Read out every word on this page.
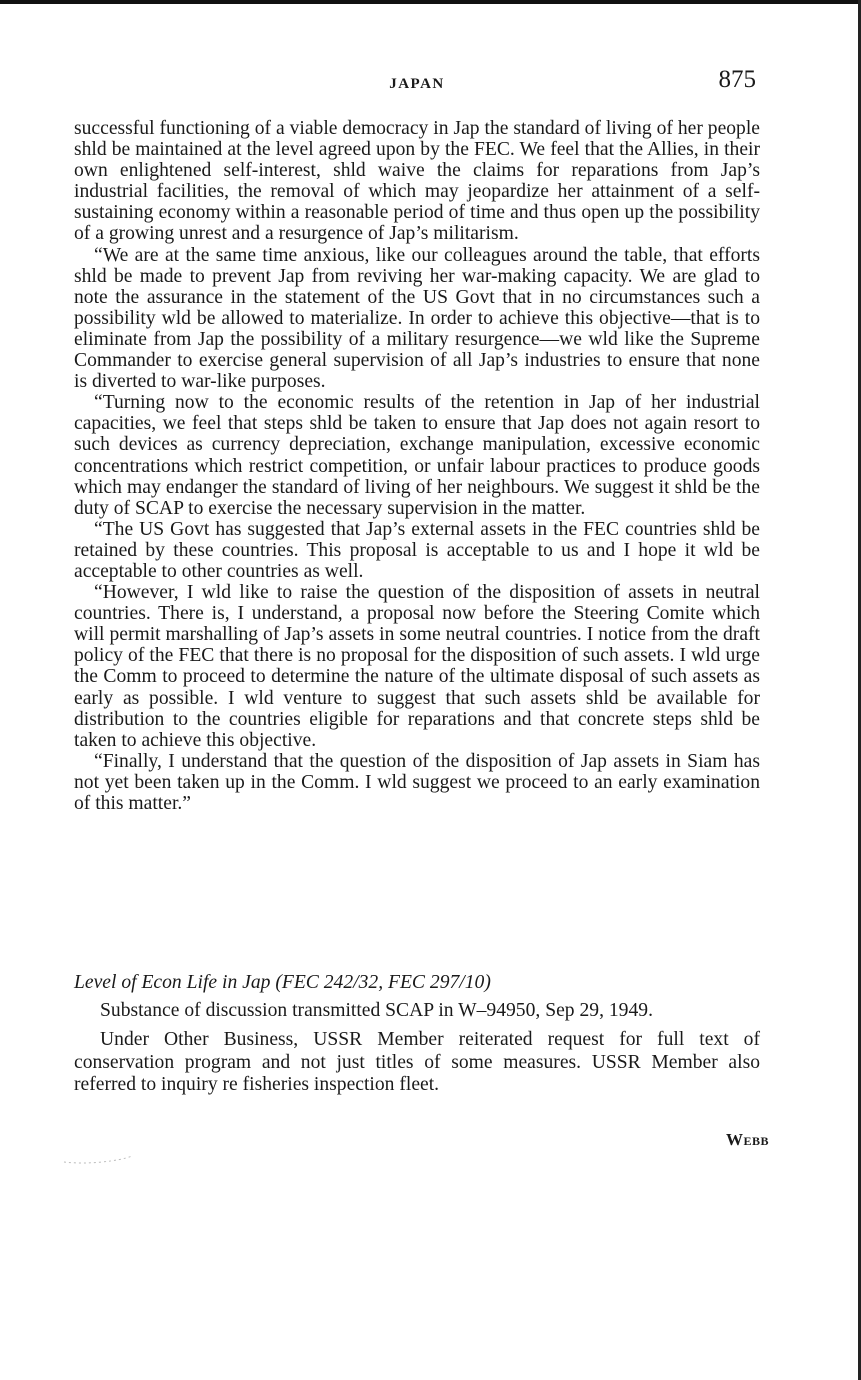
JAPAN	875

successful functioning of a viable democracy in Jap the standard of living of her people shld be maintained at the level agreed upon by the FEC. We feel that the Allies, in their own enlightened self-interest, shld waive the claims for reparations from Jap’s industrial facilities, the removal of which may jeopardize her attainment of a self-sustaining economy within a reasonable period of time and thus open up the possibility of a growing unrest and a resurgence of Jap’s militarism.

“We are at the same time anxious, like our colleagues around the table, that efforts shld be made to prevent Jap from reviving her war-making capacity. We are glad to note the assurance in the statement of the US Govt that in no circumstances such a possibility wld be allowed to materialize. In order to achieve this objective—that is to eliminate from Jap the possibility of a military resurgence—we wld like the Supreme Commander to exercise general supervision of all Jap’s industries to ensure that none is diverted to war-like purposes.

“Turning now to the economic results of the retention in Jap of her industrial capacities, we feel that steps shld be taken to ensure that Jap does not again resort to such devices as currency depreciation, exchange manipulation, excessive economic concentrations which restrict competition, or unfair labour practices to produce goods which may endanger the standard of living of her neighbours. We suggest it shld be the duty of SCAP to exercise the necessary supervision in the matter.

“The US Govt has suggested that Jap’s external assets in the FEC countries shld be retained by these countries. This proposal is acceptable to us and I hope it wld be acceptable to other countries as well.

“However, I wld like to raise the question of the disposition of assets in neutral countries. There is, I understand, a proposal now before the Steering Comite which will permit marshalling of Jap’s assets in some neutral countries. I notice from the draft policy of the FEC that there is no proposal for the disposition of such assets. I wld urge the Comm to proceed to determine the nature of the ultimate disposal of such assets as early as possible. I wld venture to suggest that such assets shld be available for distribution to the countries eligible for reparations and that concrete steps shld be taken to achieve this objective.

“Finally, I understand that the question of the disposition of Jap assets in Siam has not yet been taken up in the Comm. I wld suggest we proceed to an early examination of this matter.”

Level of Econ Life in Jap (FEC 242/32, FEC 297/10)

Substance of discussion transmitted SCAP in W–94950, Sep 29, 1949.

Under Other Business, USSR Member reiterated request for full text of conservation program and not just titles of some measures. USSR Member also referred to inquiry re fisheries inspection fleet.

Webb
